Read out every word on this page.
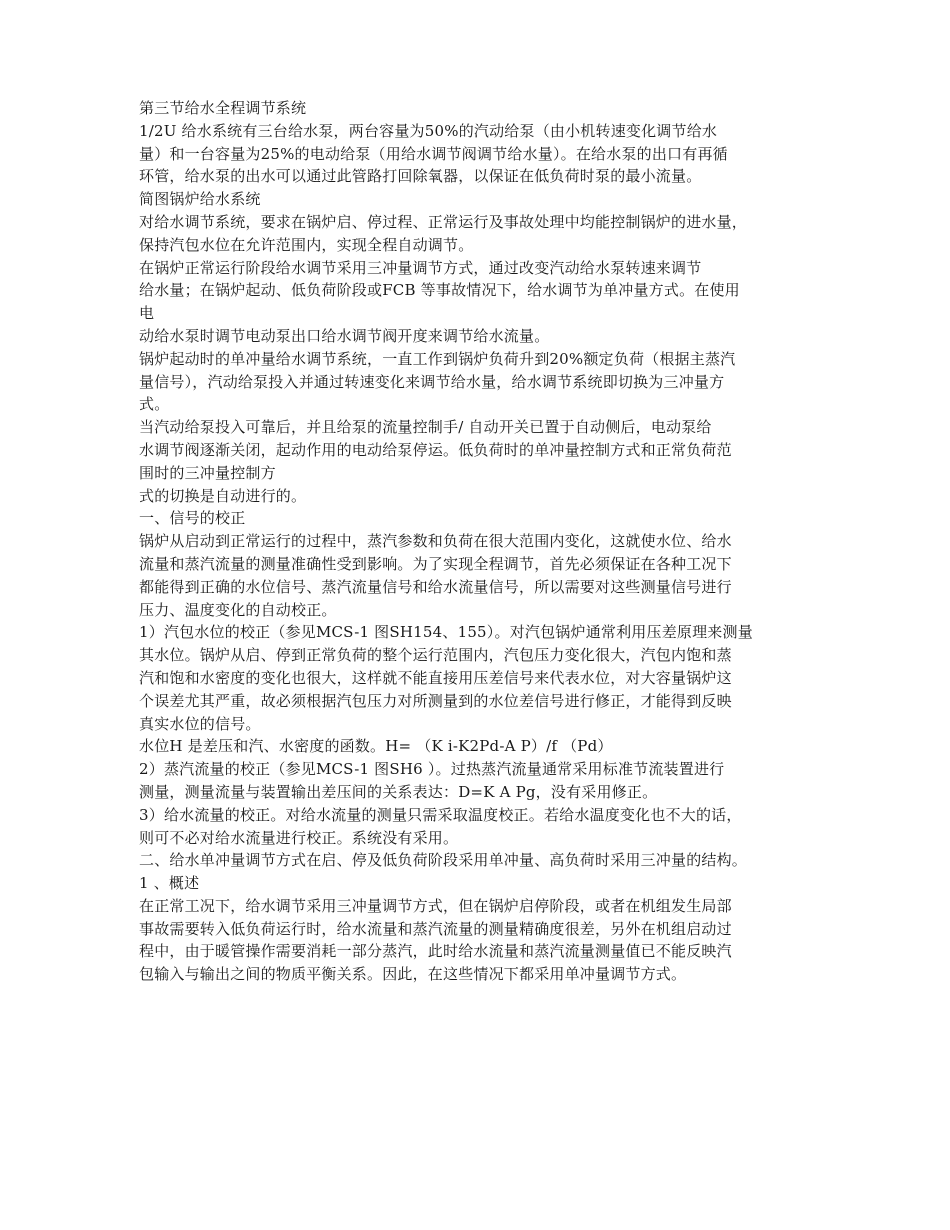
第三节给水全程调节系统
1/2U 给水系统有三台给水泵，两台容量为50%的汽动给泵（由小机转速变化调节给水
量）和一台容量为25%的电动给泵（用给水调节阀调节给水量）。在给水泵的出口有再循
环管，给水泵的出水可以通过此管路打回除氧器，以保证在低负荷时泵的最小流量。
简图锅炉给水系统
对给水调节系统，要求在锅炉启、停过程、正常运行及事故处理中均能控制锅炉的进水量，
保持汽包水位在允许范围内，实现全程自动调节。
在锅炉正常运行阶段给水调节采用三冲量调节方式，通过改变汽动给水泵转速来调节
给水量；在锅炉起动、低负荷阶段或FCB 等事故情况下，给水调节为单冲量方式。在使用
电
动给水泵时调节电动泵出口给水调节阀开度来调节给水流量。
锅炉起动时的单冲量给水调节系统，一直工作到锅炉负荷升到20%额定负荷（根据主蒸汽
量信号），汽动给泵投入并通过转速变化来调节给水量，给水调节系统即切换为三冲量方
式。
当汽动给泵投入可靠后，并且给泵的流量控制手/ 自动开关已置于自动侧后，电动泵给
水调节阀逐渐关闭，起动作用的电动给泵停运。低负荷时的单冲量控制方式和正常负荷范
围时的三冲量控制方
式的切换是自动进行的。
一、信号的校正
锅炉从启动到正常运行的过程中，蒸汽参数和负荷在很大范围内变化，这就使水位、给水
流量和蒸汽流量的测量准确性受到影响。为了实现全程调节，首先必须保证在各种工况下
都能得到正确的水位信号、蒸汽流量信号和给水流量信号，所以需要对这些测量信号进行
压力、温度变化的自动校正。
1）汽包水位的校正（参见MCS-1 图SH154、155）。对汽包锅炉通常利用压差原理来测量
其水位。锅炉从启、停到正常负荷的整个运行范围内，汽包压力变化很大，汽包内饱和蒸
汽和饱和水密度的变化也很大，这样就不能直接用压差信号来代表水位，对大容量锅炉这
个误差尤其严重，故必须根据汽包压力对所测量到的水位差信号进行修正，才能得到反映
真实水位的信号。
水位H 是差压和汽、水密度的函数。H= （K i-K2Pd-A P）/f （Pd）
2）蒸汽流量的校正（参见MCS-1 图SH6 ）。过热蒸汽流量通常采用标准节流装置进行
测量，测量流量与装置输出差压间的关系表达：D=K A Pg，没有采用修正。
3）给水流量的校正。对给水流量的测量只需采取温度校正。若给水温度变化也不大的话，
则可不必对给水流量进行校正。系统没有采用。
二、给水单冲量调节方式在启、停及低负荷阶段采用单冲量、高负荷时采用三冲量的结构。
1 、概述
在正常工况下，给水调节采用三冲量调节方式，但在锅炉启停阶段，或者在机组发生局部
事故需要转入低负荷运行时，给水流量和蒸汽流量的测量精确度很差，另外在机组启动过
程中，由于暖管操作需要消耗一部分蒸汽，此时给水流量和蒸汽流量测量值已不能反映汽
包输入与输出之间的物质平衡关系。因此，在这些情况下都采用单冲量调节方式。
